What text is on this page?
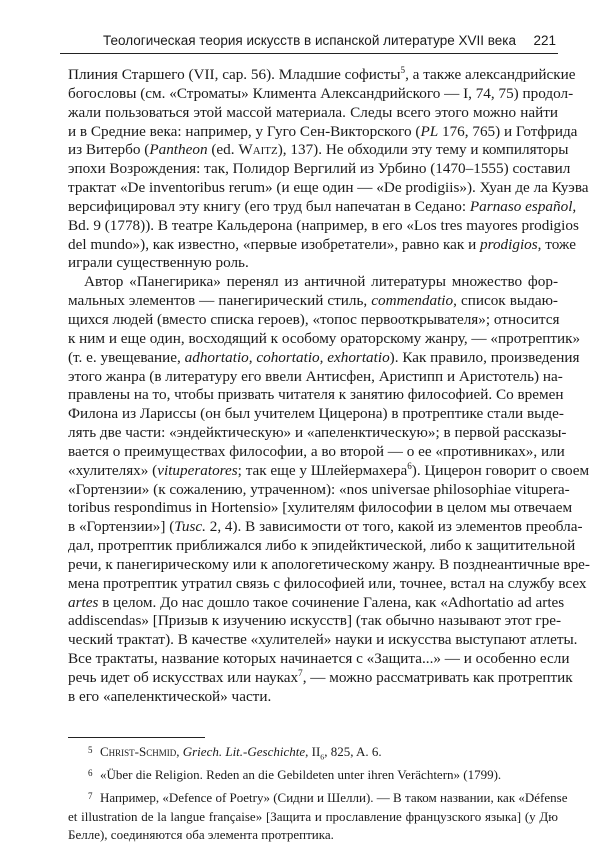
Теологическая теория искусств в испанской литературе XVII века 221
Плиния Старшего (VII, cap. 56). Младшие софисты$^5$, а также александрийские
богословы (см. «Строматы» Климента Александрийского — I, 74, 75) продол-
жали пользоваться этой массой материала. Следы всего этого можно найти
и в Средние века: например, у Гуго Сен-Викторского (PL 176, 765) и Готфрида
из Витербо (Pantheon (ed. Waitz), 137). Не обходили эту тему и компиляторы
эпохи Возрождения: так, Полидор Вергилий из Урбино (1470–1555) составил
трактат «De inventoribus rerum» (и еще один — «De prodigiis»). Хуан де ла Куэва
версифицировал эту книгу (его труд был напечатан в Седано: Parnaso español,
Bd. 9 (1778)). В театре Кальдерона (например, в его «Los tres mayores prodigios
del mundo»), как известно, «первые изобретатели», равно как и prodigios, тоже
играли существенную роль.
Автор «Панегирика» перенял из античной литературы множество фор-
мальных элементов — панегирический стиль, commendatio, список выдаю-
щихся людей (вместо списка героев), «топос первооткрывателя»; относится
к ним и еще один, восходящий к особому ораторскому жанру, — «протрептик»
(т. е. увещевание, adhortatio, cohortatio, exhortatio). Как правило, произведения
этого жанра (в литературу его ввели Антисфен, Аристипп и Аристотель) на-
правлены на то, чтобы призвать читателя к занятию философией. Со времен
Филона из Ларисcы (он был учителем Цицерона) в протрептике стали выде-
лять две части: «эндейктическую» и «апеленктическую»; в первой рассказы-
вается о преимуществах философии, а во второй — о ее «противниках», или
«хулителях» (vituperatores; так еще у Шлейермахера$^6$). Цицерон говорит о своем
«Гортензии» (к сожалению, утраченном): «nos universae philosophiae vitupera-
toribus respondimus in Hortensio» [хулителям философии в целом мы отвечаем
в «Гортензии»] (Tusc. 2, 4). В зависимости от того, какой из элементов преобла-
дал, протрептик приближался либо к эпидейктической, либо к защитительной
речи, к панегирическому или к апологетическому жанру. В позднеантичные вре-
мена протрептик утратил связь с философией или, точнее, встал на службу всех
artes в целом. До нас дошло такое сочинение Галена, как «Adhortatio ad artes
addiscendas» [Призыв к изучению искусств] (так обычно называют этот гре-
ческий трактат). В качестве «хулителей» науки и искусства выступают атлеты.
Все трактаты, название которых начинается с «Защита...» — и особенно если
речь идет об искусствах или науках$^7$, — можно рассматривать как протрептик
в его «апеленктической» части.
5 Christ-Schmid, Griech. Lit.-Geschichte, $II_6$, 825, A. 6.
6 «Über die Religion. Reden an die Gebildeten unter ihren Verächtern» (1799).
7 Например, «Defence of Poetry» (Сидни и Шелли). — В таком названии, как «Défense
et illustration de la langue française» [Защита и прославление французского языка] (у Дю
Белле), соединяются оба элемента протрептика.
